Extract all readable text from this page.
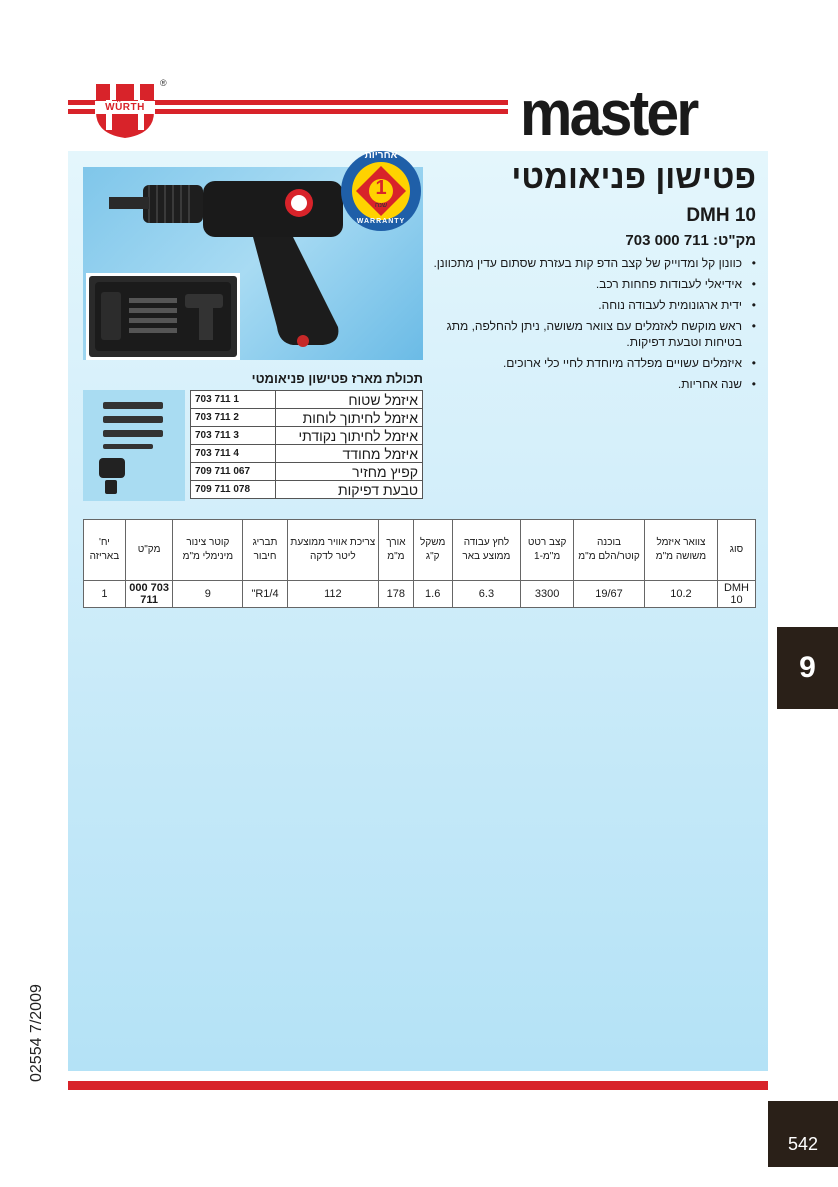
WÜRTH
®	master
אחריות
1
שנה
WARRANTY
פטישון פניאומטי
DMH 10
מק"ט: 711 000 703
• כוונון קל ומדוייק של קצב הדפ קות בעזרת שסתום עדין מתכוונן.
• אידיאלי לעבודות פחחות רכב.
• ידית ארגונומית לעבודה נוחה.
• ראש מוקשח לאזמלים עם צוואר משושה, ניתן להחלפה, מתג בטיחות וטבעת דפיקות.
• איזמלים עשויים מפלדה מיוחדת לחיי כלי ארוכים.
• שנה אחריות.
תכולת מארז פטישון פניאומטי
703 711 1	איזמל שטוח
703 711 2	איזמל לחיתוך לוחות
703 711 3	איזמל לחיתוך נקודתי
703 711 4	איזמל מחודד
709 711 067	קפיץ מחזיר
709 711 078	טבעת דפיקות
סוג	צוואר איזמל משושה מ"מ	בוכנה קוטר/הלם מ"מ	קצב רטט מ"מ-1	לחץ עבודה ממוצע באר	משקל ק"ג	אורך מ"מ	צריכת אוויר ממוצעת ליטר לדקה	תבריג חיבור	קוטר צינור מינימלי מ"מ	מק"ט	יח' באריזה
DMH 10	10.2	19/67	3300	6.3	1.6	178	112	R1/4"	9	703 000 711	1
9
02554 7/2009
542
